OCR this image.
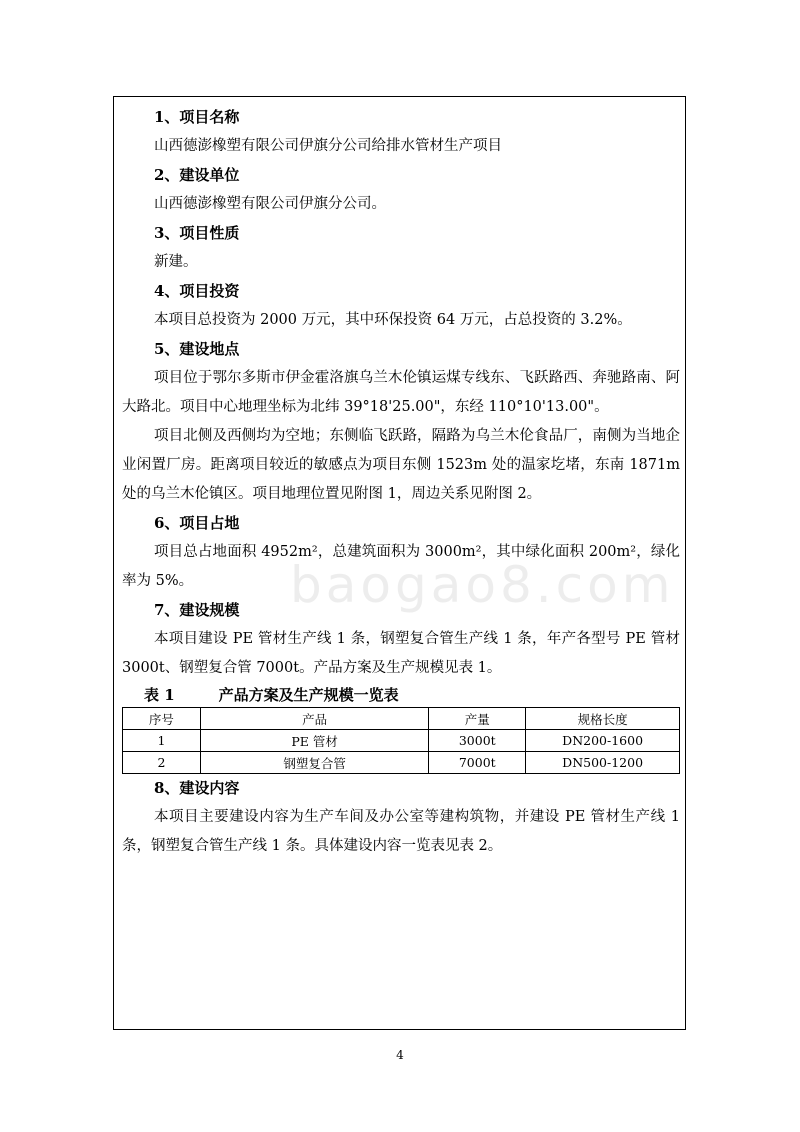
1、项目名称
山西德澎橡塑有限公司伊旗分公司给排水管材生产项目
2、建设单位
山西德澎橡塑有限公司伊旗分公司。
3、项目性质
新建。
4、项目投资
本项目总投资为 2000 万元，其中环保投资 64 万元，占总投资的 3.2%。
5、建设地点
项目位于鄂尔多斯市伊金霍洛旗乌兰木伦镇运煤专线东、飞跃路西、奔驰路南、阿大路北。项目中心地理坐标为北纬 39°18'25.00"，东经 110°10'13.00"。
项目北侧及西侧均为空地；东侧临飞跃路，隔路为乌兰木伦食品厂，南侧为当地企业闲置厂房。距离项目较近的敏感点为项目东侧 1523m 处的温家圪堵，东南 1871m 处的乌兰木伦镇区。项目地理位置见附图 1，周边关系见附图 2。
6、项目占地
项目总占地面积 4952m²，总建筑面积为 3000m²，其中绿化面积 200m²，绿化率为 5%。
7、建设规模
本项目建设 PE 管材生产线 1 条，钢塑复合管生产线 1 条，年产各型号 PE 管材 3000t、钢塑复合管 7000t。产品方案及生产规模见表 1。
表 1	产品方案及生产规模一览表
序号	产品	产量	规格长度
1	PE 管材	3000t	DN200-1600
2	钢塑复合管	7000t	DN500-1200
8、建设内容
本项目主要建设内容为生产车间及办公室等建构筑物，并建设 PE 管材生产线 1 条，钢塑复合管生产线 1 条。具体建设内容一览表见表 2。
baogao8.com
4
